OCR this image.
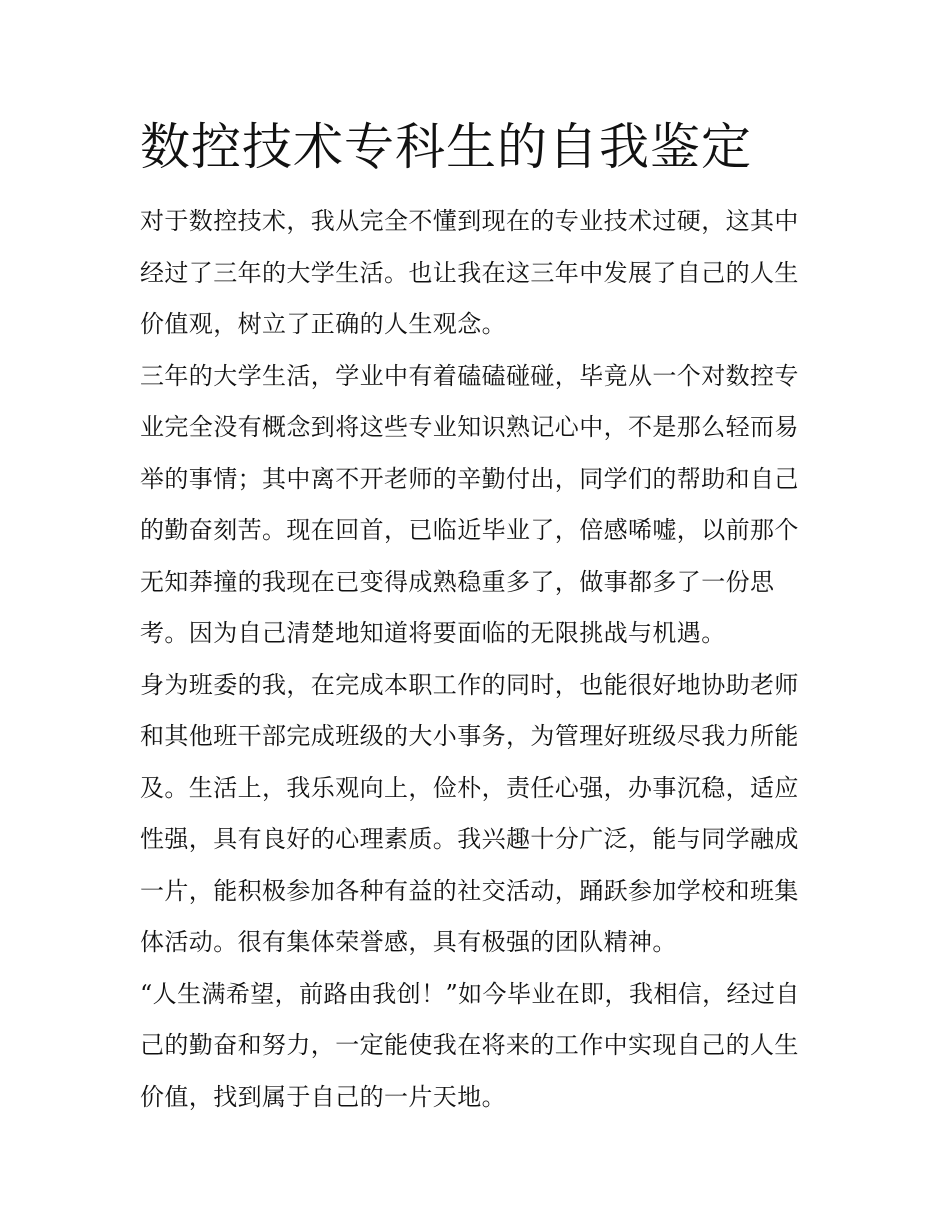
数控技术专科生的自我鉴定
对于数控技术，我从完全不懂到现在的专业技术过硬，这其中
经过了三年的大学生活。也让我在这三年中发展了自己的人生
价值观，树立了正确的人生观念。
三年的大学生活，学业中有着磕磕碰碰，毕竟从一个对数控专
业完全没有概念到将这些专业知识熟记心中，不是那么轻而易
举的事情；其中离不开老师的辛勤付出，同学们的帮助和自己
的勤奋刻苦。现在回首，已临近毕业了，倍感唏嘘，以前那个
无知莽撞的我现在已变得成熟稳重多了，做事都多了一份思
考。因为自己清楚地知道将要面临的无限挑战与机遇。
身为班委的我，在完成本职工作的同时，也能很好地协助老师
和其他班干部完成班级的大小事务，为管理好班级尽我力所能
及。生活上，我乐观向上，俭朴，责任心强，办事沉稳，适应
性强，具有良好的心理素质。我兴趣十分广泛，能与同学融成
一片，能积极参加各种有益的社交活动，踊跃参加学校和班集
体活动。很有集体荣誉感，具有极强的团队精神。
“人生满希望，前路由我创！”如今毕业在即，我相信，经过自
己的勤奋和努力，一定能使我在将来的工作中实现自己的人生
价值，找到属于自己的一片天地。
